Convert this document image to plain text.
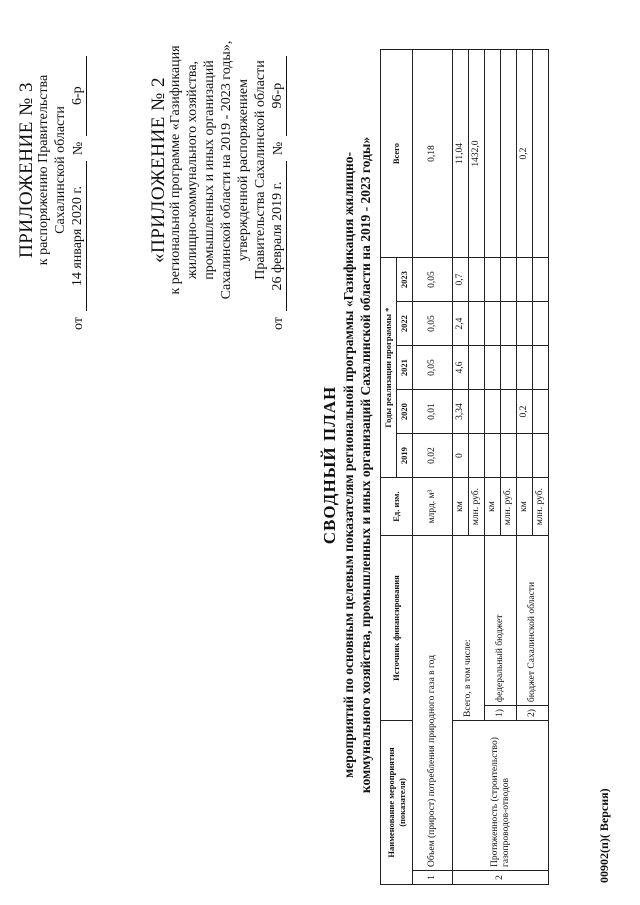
ПРИЛОЖЕНИЕ № 3 к распоряжению Правительства Сахалинской области
от
14 января 2020 г.
№
6-р	«ПРИЛОЖЕНИЕ № 2 к региональной программе «Газификация жилищно-коммунального хозяйства, промышленных и иных организаций Сахалинской области на 2019 - 2023 годы», утвержденной распоряжением Правительства Сахалинской области
от
26 февраля 2019 г.
№
96-р
СВОДНЫЙ ПЛАН мероприятий по основным целевым показателям региональной программы «Газификация жилищно- коммунального хозяйства, промышленных и иных организаций Сахалинской области на 2019 - 2023 годы»
Наименование мероприятия (показателя)		Источник финансирования		Ед. изм.	Годы реализации программы *					Всего
					2019	2020	2021	2022	2023	
1	Объем (прирост) потребления природного газа в год			млрд. м³	0,02	0,01	0,05	0,05	0,05	0,18
2	Протяженность (строительство) газопроводов-отводов	Всего, в том числе:		км	0	3,34	4,6	2,4	0,7	11,04
				млн. руб.						1432,0
		1)	федеральный бюджет	км						
				млн. руб.						
		2)	бюджет Сахалинской области	км		0,2				0,2
				млн. руб.						
00902(п)( Версия)
